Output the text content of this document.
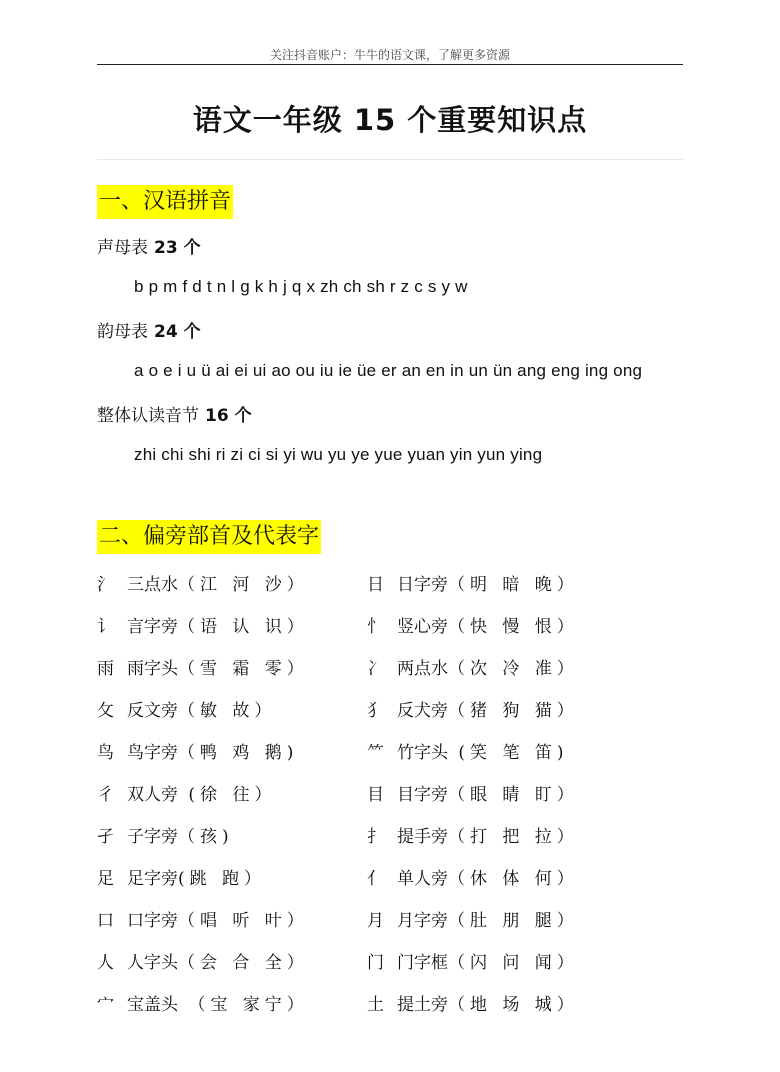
关注抖音账户：牛牛的语文课，了解更多资源
语文一年级 15 个重要知识点
一、汉语拼音
声母表 23 个
b p m f d t n l g k h j q x zh ch sh r z c s y w
韵母表 24 个
a o e i u ü ai ei ui ao ou iu ie üe er an en in un ün ang eng ing ong
整体认读音节 16 个
zhi chi shi ri zi ci si yi wu yu ye yue yuan yin yun ying
二、偏旁部首及代表字
氵 三点水（江 河 沙）
讠 言字旁（语 认 识）
雨 雨字头（雪 霜 零）
攵 反文旁（敏 故）
鸟 鸟字旁（鸭 鸡 鹅)
彳 双人旁 (徐 往）
孑 子字旁（孩)
足 足字旁(跳 跑）
口 口字旁（唱 听 叶）
人 人字头（会 合 全）
宀 宝盖头 （宝 家宁）
日 日字旁（明 暗 晚）
忄 竖心旁（快 慢 恨）
冫 两点水（次 冷 准）
犭 反犬旁（猪 狗 猫）
⺮ 竹字头 (笑 笔 笛)
目 目字旁（眼 睛 盯）
扌 提手旁（打 把 拉）
亻 单人旁（休 体 何）
月 月字旁（肚 朋 腿）
门 门字框（闪 问 闻）
土 提土旁（地 场 城）
